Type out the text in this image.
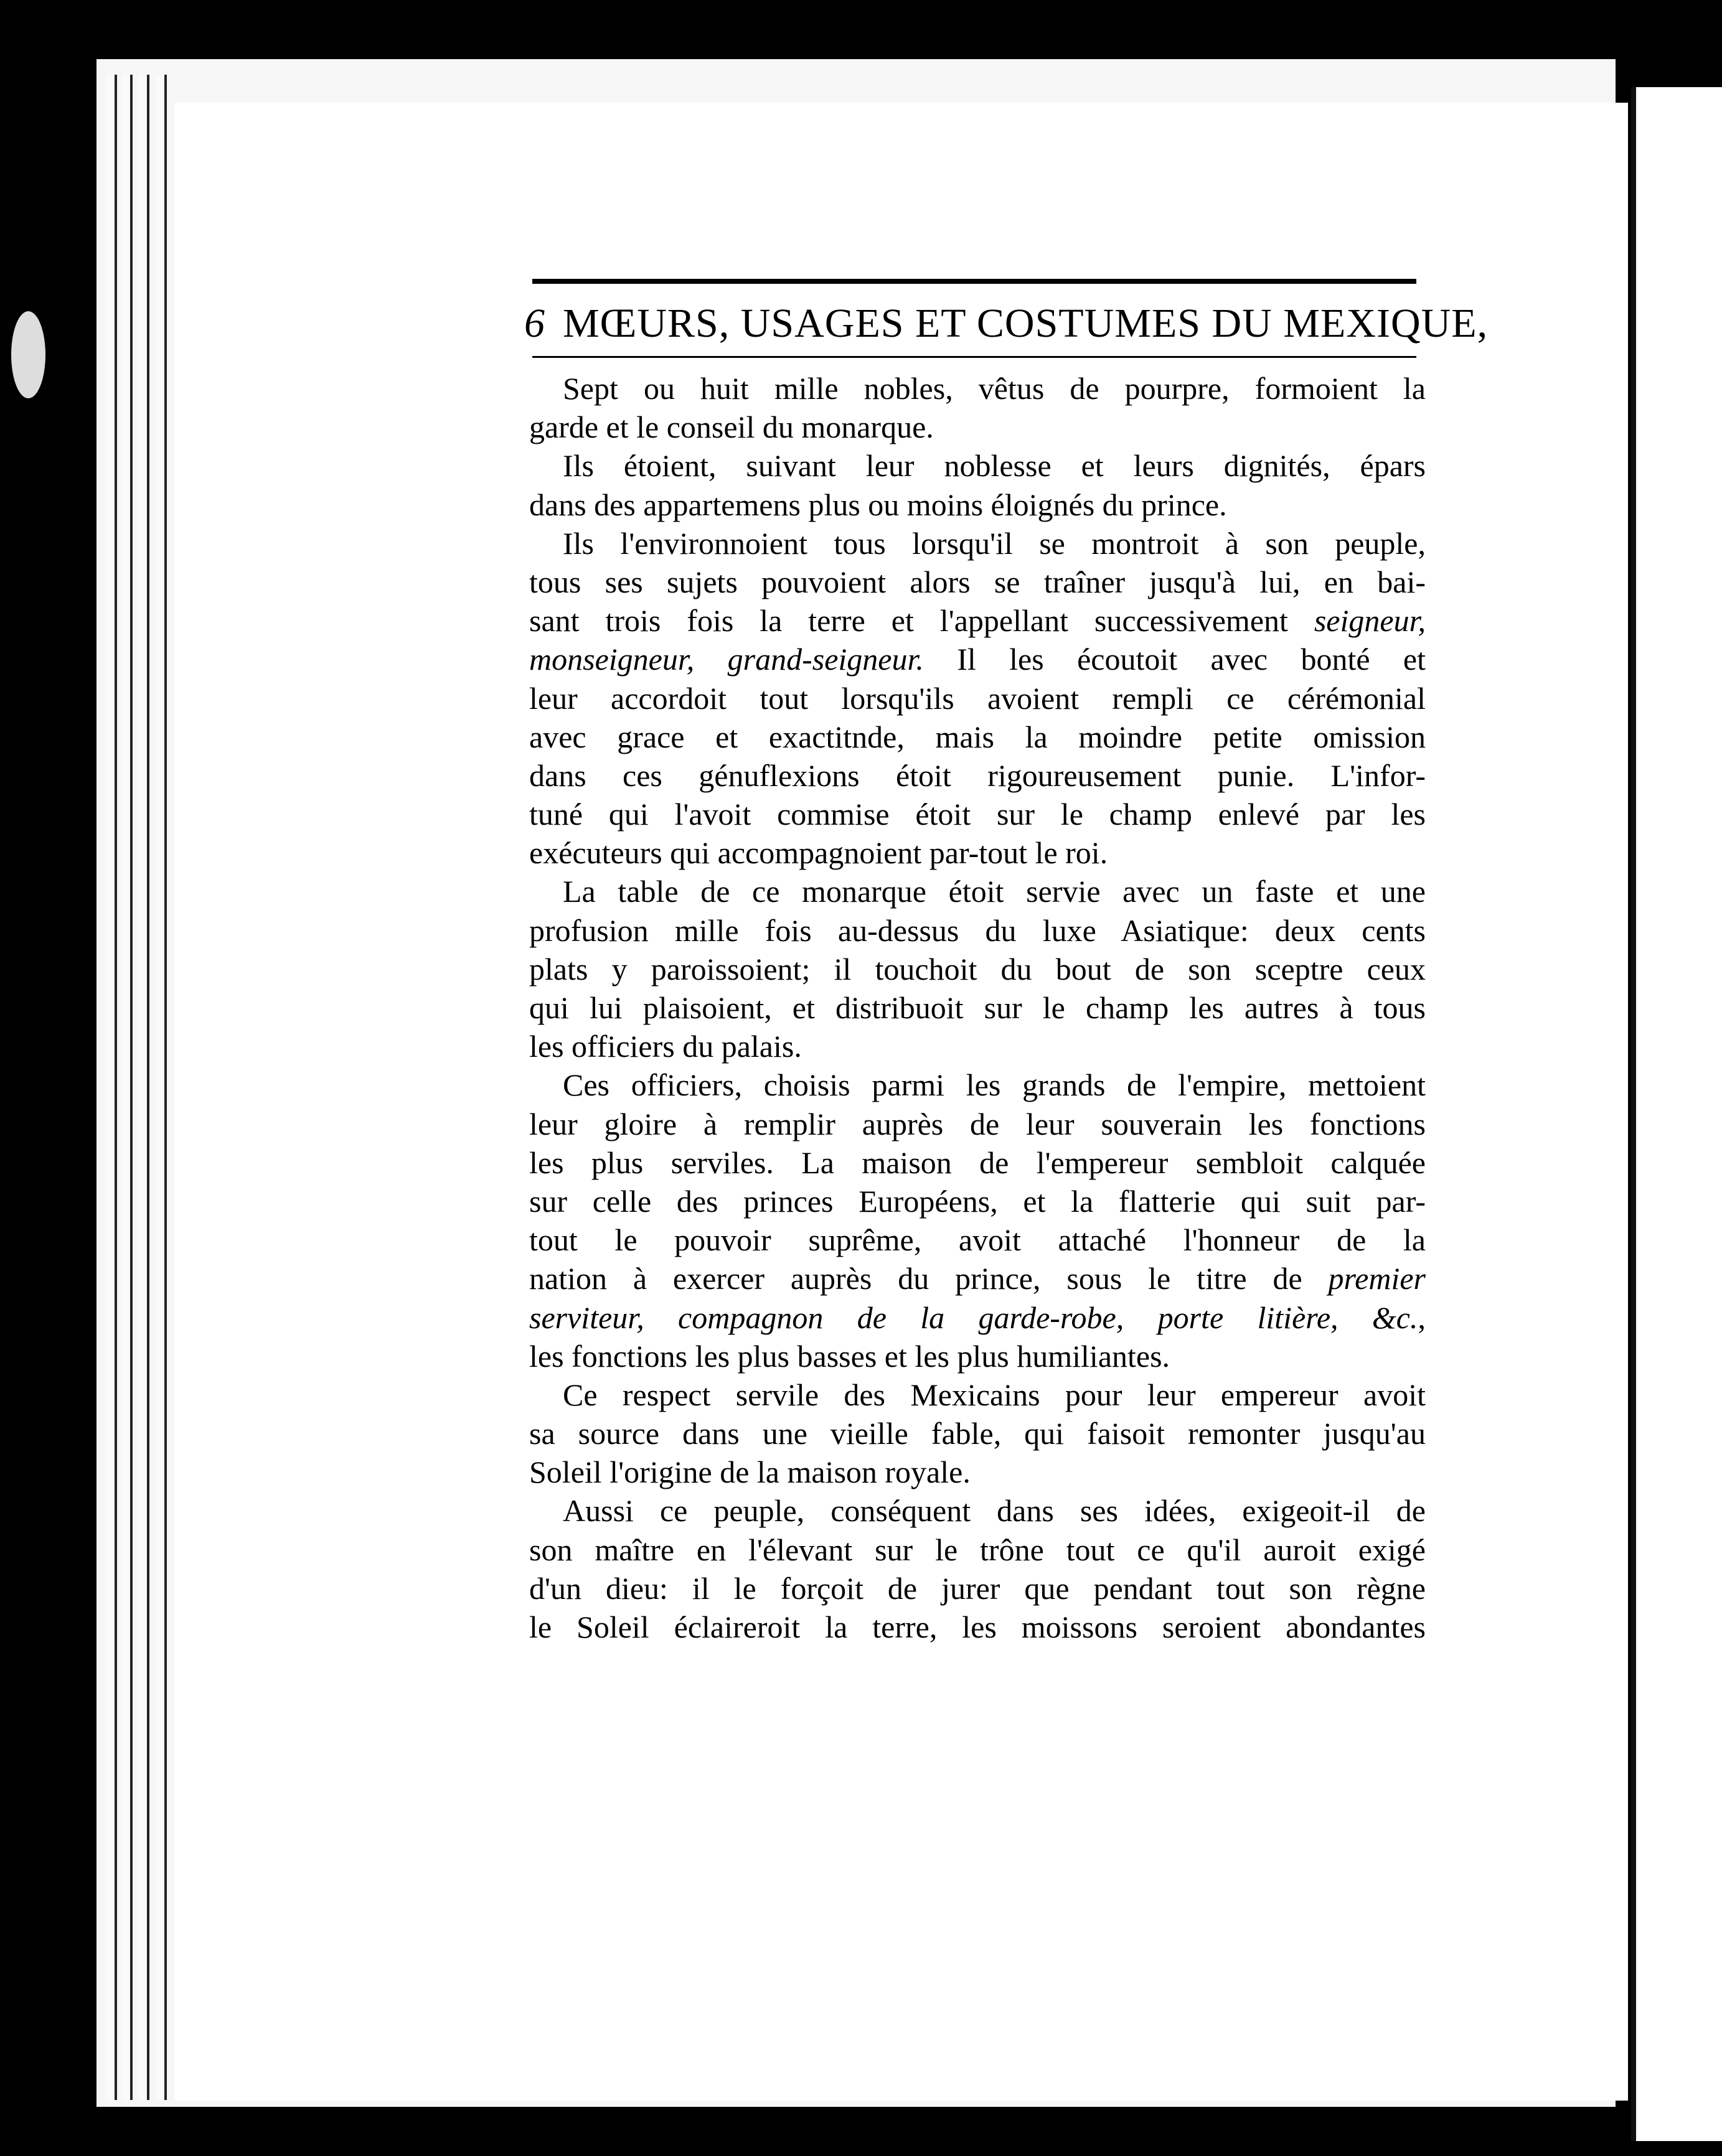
6 MŒURS, USAGES ET COSTUMES DU MEXIQUE,
Sept ou huit mille nobles, vêtus de pourpre, formoient la
garde et le conseil du monarque.
Ils étoient, suivant leur noblesse et leurs dignités, épars
dans des appartemens plus ou moins éloignés du prince.
Ils l'environnoient tous lorsqu'il se montroit à son peuple,
tous ses sujets pouvoient alors se traîner jusqu'à lui, en bai-
sant trois fois la terre et l'appellant successivement seigneur,
monseigneur, grand-seigneur. Il les écoutoit avec bonté et
leur accordoit tout lorsqu'ils avoient rempli ce cérémonial
avec grace et exactitnde, mais la moindre petite omission
dans ces génuflexions étoit rigoureusement punie. L'infor-
tuné qui l'avoit commise étoit sur le champ enlevé par les
exécuteurs qui accompagnoient par-tout le roi.
La table de ce monarque étoit servie avec un faste et une
profusion mille fois au-dessus du luxe Asiatique: deux cents
plats y paroissoient; il touchoit du bout de son sceptre ceux
qui lui plaisoient, et distribuoit sur le champ les autres à tous
les officiers du palais.
Ces officiers, choisis parmi les grands de l'empire, mettoient
leur gloire à remplir auprès de leur souverain les fonctions
les plus serviles. La maison de l'empereur sembloit calquée
sur celle des princes Européens, et la flatterie qui suit par-
tout le pouvoir suprême, avoit attaché l'honneur de la
nation à exercer auprès du prince, sous le titre de premier
serviteur, compagnon de la garde-robe, porte litière, &c.,
les fonctions les plus basses et les plus humiliantes.
Ce respect servile des Mexicains pour leur empereur avoit
sa source dans une vieille fable, qui faisoit remonter jusqu'au
Soleil l'origine de la maison royale.
Aussi ce peuple, conséquent dans ses idées, exigeoit-il de
son maître en l'élevant sur le trône tout ce qu'il auroit exigé
d'un dieu: il le forçoit de jurer que pendant tout son règne
le Soleil éclaireroit la terre, les moissons seroient abondantes
